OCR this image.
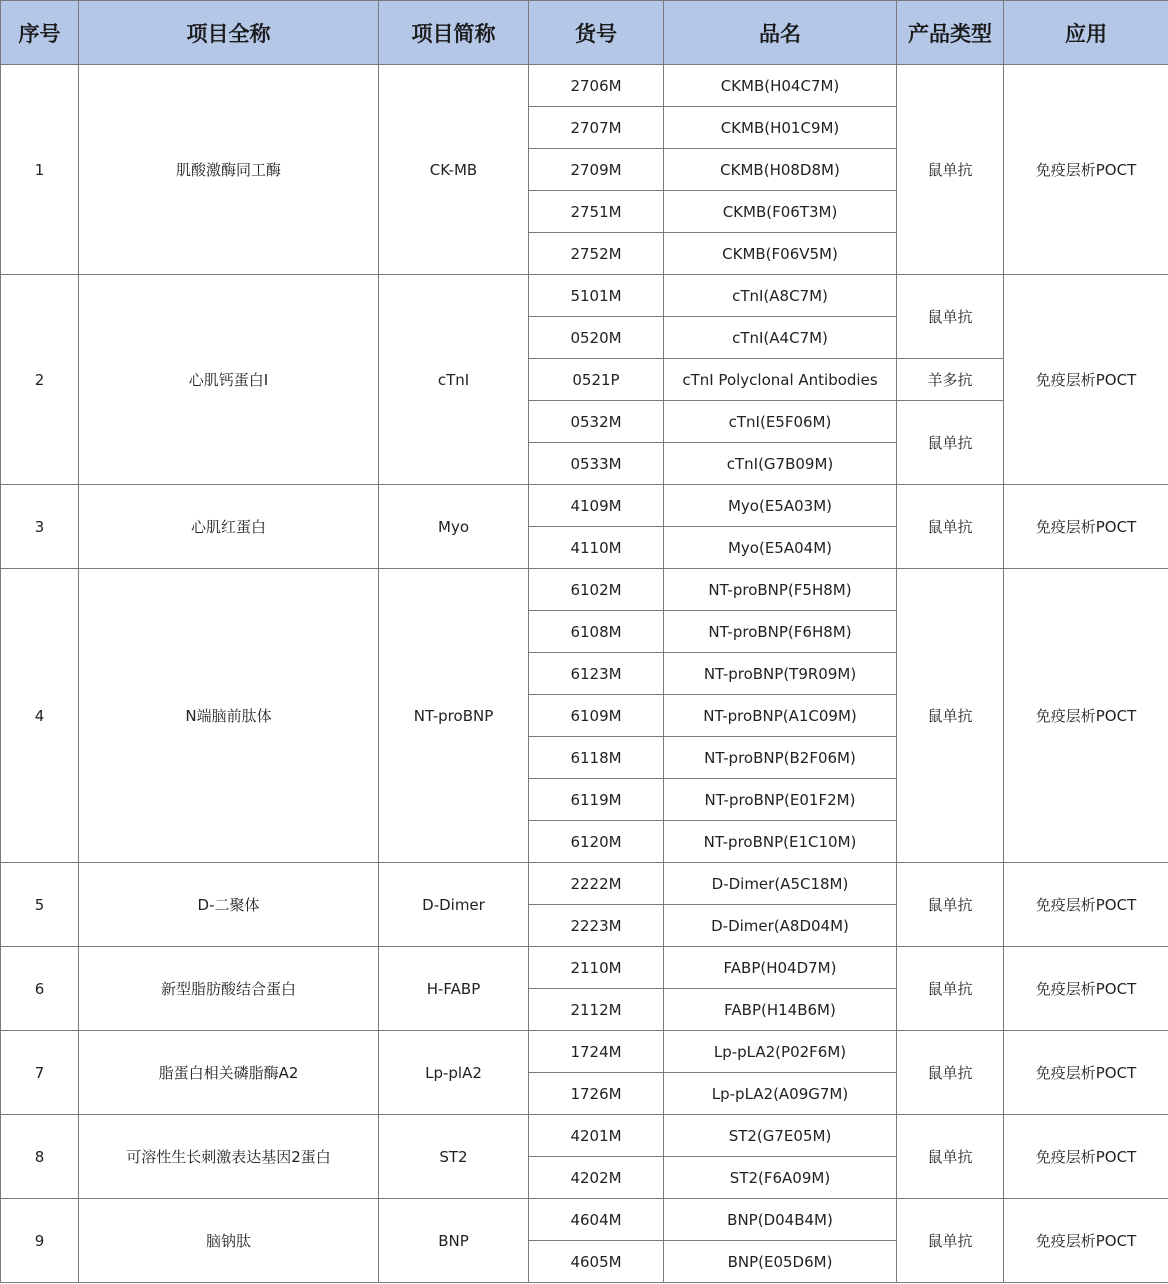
序号	项目全称	项目简称	货号	品名	产品类型	应用
1	肌酸激酶同工酶	CK-MB	2706M	CKMB(H04C7M)	鼠单抗	免疫层析POCT
			2707M	CKMB(H01C9M)		
			2709M	CKMB(H08D8M)		
			2751M	CKMB(F06T3M)		
			2752M	CKMB(F06V5M)		
2	心肌钙蛋白I	cTnI	5101M	cTnI(A8C7M)	鼠单抗	免疫层析POCT
			0520M	cTnI(A4C7M)		
			0521P	cTnI Polyclonal Antibodies	羊多抗	
			0532M	cTnI(E5F06M)	鼠单抗	
			0533M	cTnI(G7B09M)		
3	心肌红蛋白	Myo	4109M	Myo(E5A03M)	鼠单抗	免疫层析POCT
			4110M	Myo(E5A04M)		
4	N端脑前肽体	NT-proBNP	6102M	NT-proBNP(F5H8M)	鼠单抗	免疫层析POCT
			6108M	NT-proBNP(F6H8M)		
			6123M	NT-proBNP(T9R09M)		
			6109M	NT-proBNP(A1C09M)		
			6118M	NT-proBNP(B2F06M)		
			6119M	NT-proBNP(E01F2M)		
			6120M	NT-proBNP(E1C10M)		
5	D-二聚体	D-Dimer	2222M	D-Dimer(A5C18M)	鼠单抗	免疫层析POCT
			2223M	D-Dimer(A8D04M)		
6	新型脂肪酸结合蛋白	H-FABP	2110M	FABP(H04D7M)	鼠单抗	免疫层析POCT
			2112M	FABP(H14B6M)		
7	脂蛋白相关磷脂酶A2	Lp-plA2	1724M	Lp-pLA2(P02F6M)	鼠单抗	免疫层析POCT
			1726M	Lp-pLA2(A09G7M)		
8	可溶性生长刺激表达基因2蛋白	ST2	4201M	ST2(G7E05M)	鼠单抗	免疫层析POCT
			4202M	ST2(F6A09M)		
9	脑钠肽	BNP	4604M	BNP(D04B4M)	鼠单抗	免疫层析POCT
			4605M	BNP(E05D6M)		
